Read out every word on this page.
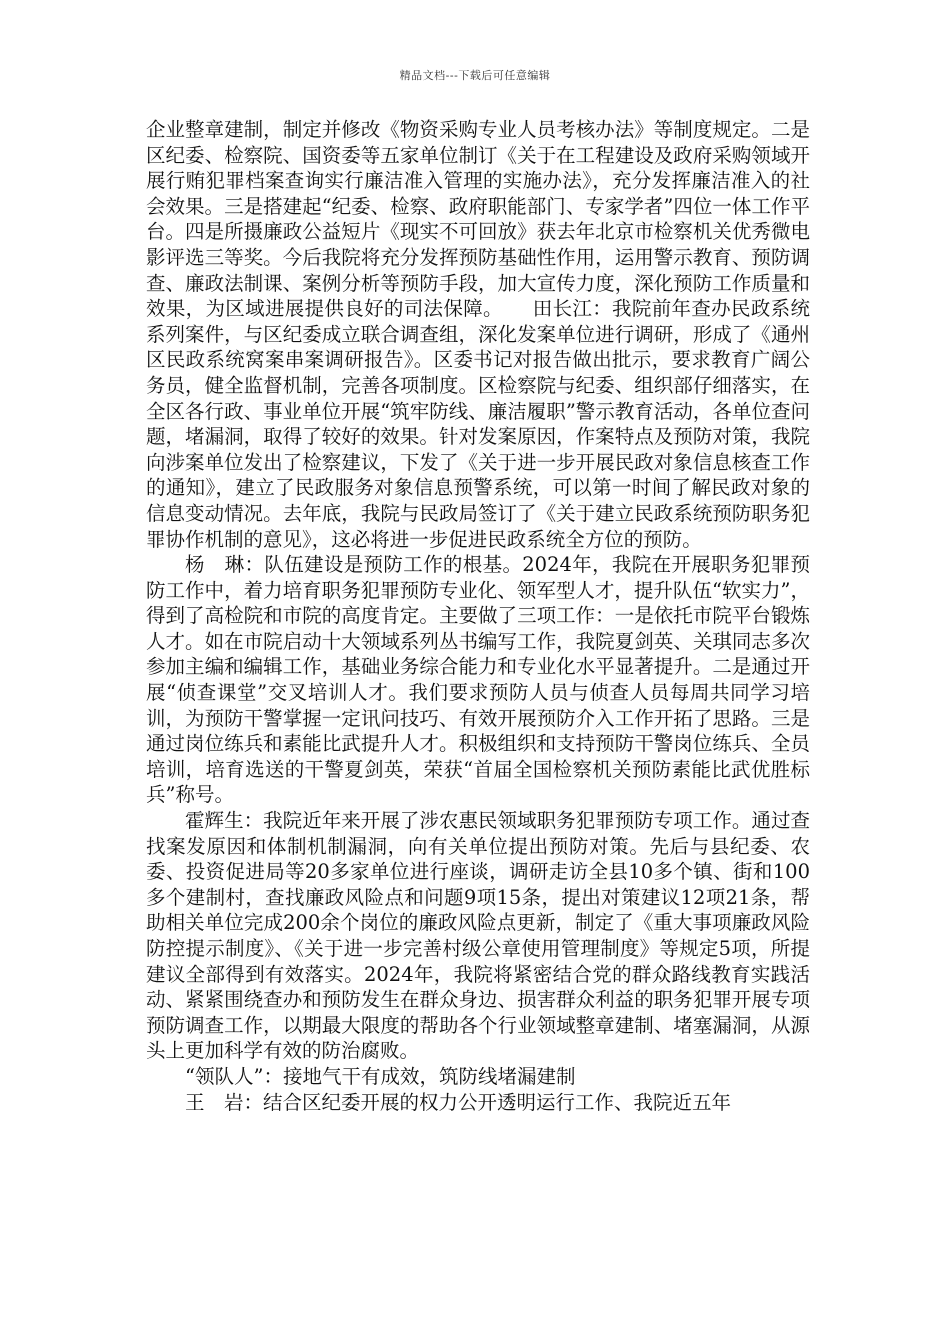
精品文档---下载后可任意编辑

企业整章建制，制定并修改《物资采购专业人员考核办法》等制度规定。二是区纪委、检察院、国资委等五家单位制订《关于在工程建设及政府采购领域开展行贿犯罪档案查询实行廉洁准入管理的实施办法》，充分发挥廉洁准入的社会效果。三是搭建起“纪委、检察、政府职能部门、专家学者”四位一体工作平台。四是所摄廉政公益短片《现实不可回放》获去年北京市检察机关优秀微电影评选三等奖。今后我院将充分发挥预防基础性作用，运用警示教育、预防调查、廉政法制课、案例分析等预防手段，加大宣传力度，深化预防工作质量和效果，为区域进展提供良好的司法保障。　　田长江：我院前年查办民政系统系列案件，与区纪委成立联合调查组，深化发案单位进行调研，形成了《通州区民政系统窝案串案调研报告》。区委书记对报告做出批示，要求教育广阔公务员，健全监督机制，完善各项制度。区检察院与纪委、组织部仔细落实，在全区各行政、事业单位开展“筑牢防线、廉洁履职”警示教育活动，各单位查问题，堵漏洞，取得了较好的效果。针对发案原因，作案特点及预防对策，我院向涉案单位发出了检察建议，下发了《关于进一步开展民政对象信息核查工作的通知》，建立了民政服务对象信息预警系统，可以第一时间了解民政对象的信息变动情况。去年底，我院与民政局签订了《关于建立民政系统预防职务犯罪协作机制的意见》，这必将进一步促进民政系统全方位的预防。

杨　琳：队伍建设是预防工作的根基。2024年，我院在开展职务犯罪预防工作中，着力培育职务犯罪预防专业化、领军型人才，提升队伍“软实力”，得到了高检院和市院的高度肯定。主要做了三项工作：一是依托市院平台锻炼人才。如在市院启动十大领域系列丛书编写工作，我院夏剑英、关琪同志多次参加主编和编辑工作，基础业务综合能力和专业化水平显著提升。二是通过开展“侦查课堂”交叉培训人才。我们要求预防人员与侦查人员每周共同学习培训，为预防干警掌握一定讯问技巧、有效开展预防介入工作开拓了思路。三是通过岗位练兵和素能比武提升人才。积极组织和支持预防干警岗位练兵、全员培训，培育选送的干警夏剑英，荣获“首届全国检察机关预防素能比武优胜标兵”称号。

霍辉生：我院近年来开展了涉农惠民领域职务犯罪预防专项工作。通过查找案发原因和体制机制漏洞，向有关单位提出预防对策。先后与县纪委、农委、投资促进局等20多家单位进行座谈，调研走访全县10多个镇、街和100多个建制村，查找廉政风险点和问题9项15条，提出对策建议12项21条，帮助相关单位完成200余个岗位的廉政风险点更新，制定了《重大事项廉政风险防控提示制度》、《关于进一步完善村级公章使用管理制度》等规定5项，所提建议全部得到有效落实。2024年，我院将紧密结合党的群众路线教育实践活动、紧紧围绕查办和预防发生在群众身边、损害群众利益的职务犯罪开展专项预防调查工作，以期最大限度的帮助各个行业领域整章建制、堵塞漏洞，从源头上更加科学有效的防治腐败。

“领队人”：接地气干有成效，筑防线堵漏建制

王　岩：结合区纪委开展的权力公开透明运行工作、我院近五年
